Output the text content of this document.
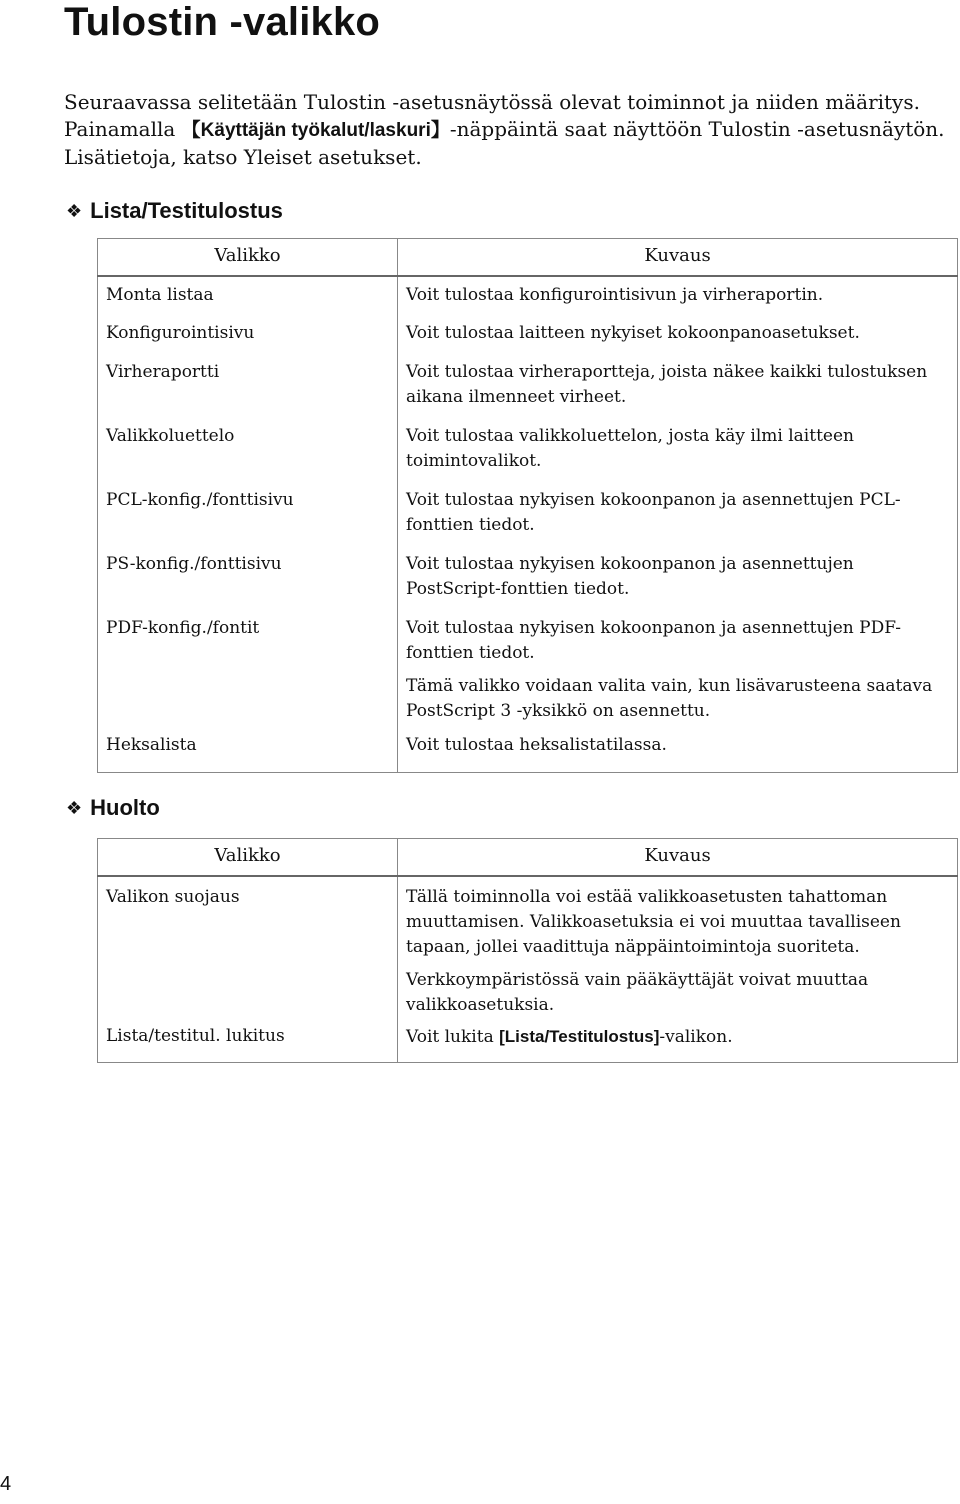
Tulostin -valikko

Seuraavassa selitetään Tulostin -asetusnäytössä olevat toiminnot ja niiden määritys. Painamalla 【Käyttäjän työkalut/laskuri】-näppäintä saat näyttöön Tulostin -asetusnäytön. Lisätietoja, katso Yleiset asetukset.

❖ Lista/Testitulostus
Valikko	Kuvaus
Monta listaa	Voit tulostaa konfigurointisivun ja virheraportin.

Konfigurointisivu	Voit tulostaa laitteen nykyiset kokoonpanoasetukset.

Virheraportti	Voit tulostaa virheraportteja, joista näkee kaikki tulostuksen aikana ilmenneet virheet.

Valikkoluettelo	Voit tulostaa valikkoluettelon, josta käy ilmi laitteen toimintovalikot.

PCL-konfig./fonttisivu	Voit tulostaa nykyisen kokoonpanon ja asennettujen PCL-fonttien tiedot.

PS-konfig./fonttisivu	Voit tulostaa nykyisen kokoonpanon ja asennettujen PostScript-fonttien tiedot.

PDF-konfig./fontit	Voit tulostaa nykyisen kokoonpanon ja asennettujen PDF-fonttien tiedot.
Tämä valikko voidaan valita vain, kun lisävarusteena saatava PostScript 3 -yksikkö on asennettu.

Heksalista	Voit tulostaa heksalistatilassa.
❖ Huolto
Valikko	Kuvaus
Valikon suojaus	Tällä toiminnolla voi estää valikkoasetusten tahattoman muuttamisen. Valikkoasetuksia ei voi muuttaa tavalliseen tapaan, jollei vaadittuja näppäintoimintoja suoriteta.
Verkkoympäristössä vain pääkäyttäjät voivat muuttaa valikkoasetuksia.

Lista/testitul. lukitus	Voit lukita [Lista/Testitulostus]-valikon.
4
